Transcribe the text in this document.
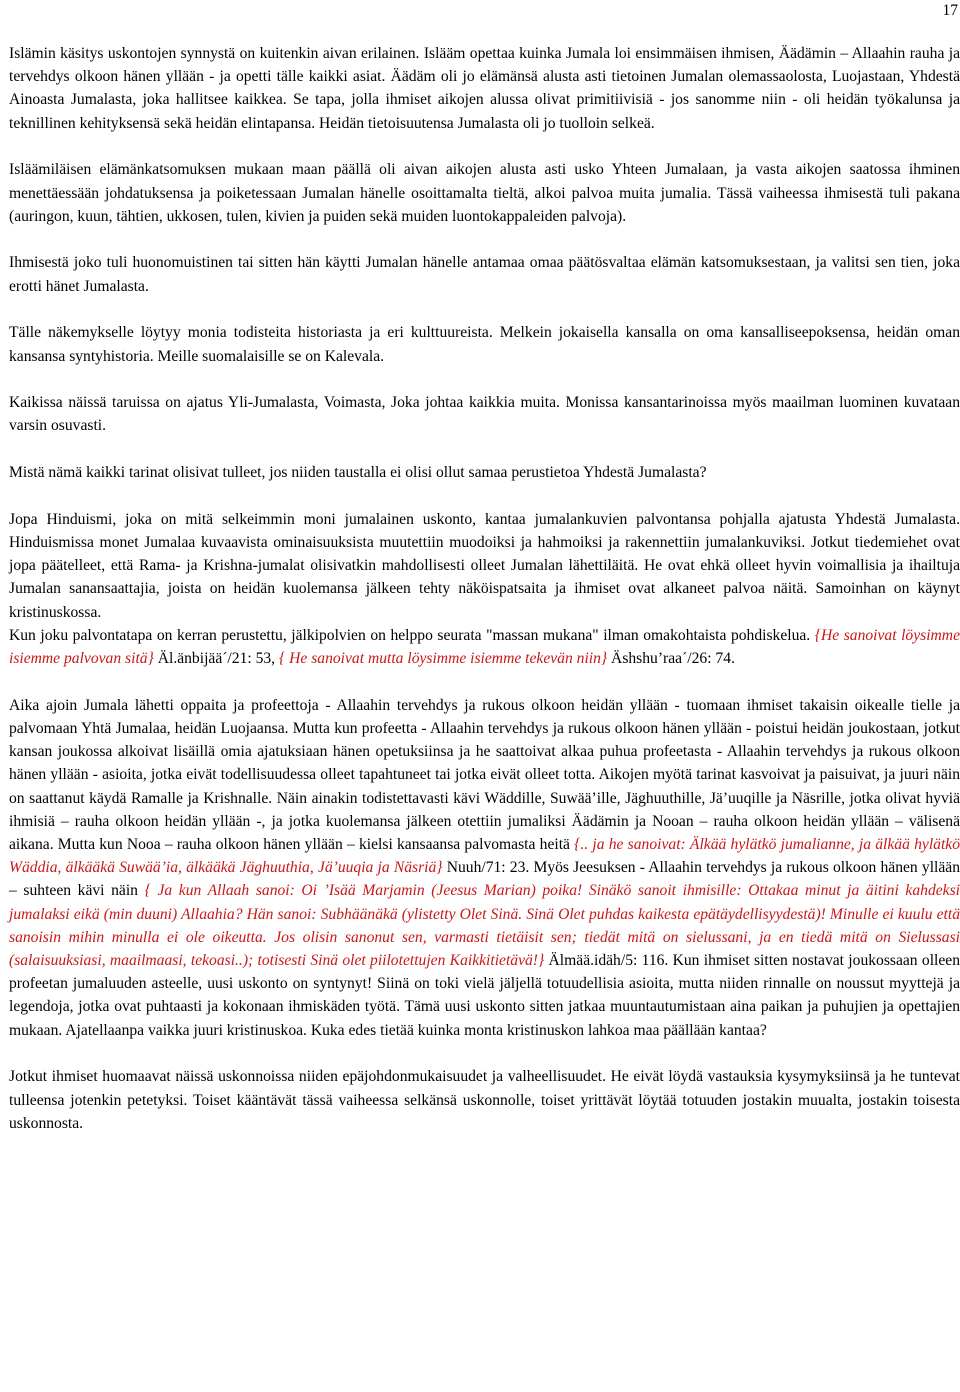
17

Islämin käsitys uskontojen synnystä on kuitenkin aivan erilainen. Islääm opettaa kuinka Jumala loi ensimmäisen ihmisen, Äädämin – Allaahin rauha ja tervehdys olkoon hänen yllään - ja opetti tälle kaikki asiat. Äädäm oli jo elämänsä alusta asti tietoinen Jumalan olemassaolosta, Luojastaan, Yhdestä Ainoasta Jumalasta, joka hallitsee kaikkea. Se tapa, jolla ihmiset aikojen alussa olivat primitiivisiä - jos sanomme niin - oli heidän työkalunsa ja teknillinen kehityksensä sekä heidän elintapansa. Heidän tietoisuutensa Jumalasta oli jo tuolloin selkeä.

Isläämiläisen elämänkatsomuksen mukaan maan päällä oli aivan aikojen alusta asti usko Yhteen Jumalaan, ja vasta aikojen saatossa ihminen menettäessään johdatuksensa ja poiketessaan Jumalan hänelle osoittamalta tieltä, alkoi palvoa muita jumalia. Tässä vaiheessa ihmisestä tuli pakana (auringon, kuun, tähtien, ukkosen, tulen, kivien ja puiden sekä muiden luontokappaleiden palvoja).

Ihmisestä joko tuli huonomuistinen tai sitten hän käytti Jumalan hänelle antamaa omaa päätösvaltaa elämän katsomuksestaan, ja valitsi sen tien, joka erotti hänet Jumalasta.

Tälle näkemykselle löytyy monia todisteita historiasta ja eri kulttuureista. Melkein jokaisella kansalla on oma kansalliseepoksensa, heidän oman kansansa syntyhistoria. Meille suomalaisille se on Kalevala.

Kaikissa näissä taruissa on ajatus Yli-Jumalasta, Voimasta, Joka johtaa kaikkia muita. Monissa kansantarinoissa myös maailman luominen kuvataan varsin osuvasti.

Mistä nämä kaikki tarinat olisivat tulleet, jos niiden taustalla ei olisi ollut samaa perustietoa Yhdestä Jumalasta?

Jopa Hinduismi, joka on mitä selkeimmin moni jumalainen uskonto, kantaa jumalankuvien palvontansa pohjalla ajatusta Yhdestä Jumalasta. Hinduismissa monet Jumalaa kuvaavista ominaisuuksista muutettiin muodoiksi ja hahmoiksi ja rakennettiin jumalankuviksi. Jotkut tiedemiehet ovat jopa päätelleet, että Rama- ja Krishna-jumalat olisivatkin mahdollisesti olleet Jumalan lähettiläitä. He ovat ehkä olleet hyvin voimallisia ja ihailtuja Jumalan sanansaattajia, joista on heidän kuolemansa jälkeen tehty näköispatsaita ja ihmiset ovat alkaneet palvoa näitä. Samoinhan on käynyt kristinuskossa.

Kun joku palvontatapa on kerran perustettu, jälkipolvien on helppo seurata "massan mukana" ilman omakohtaista pohdiskelua. {He sanoivat löysimme isiemme palvovan sitä} Äl.änbijää´/21: 53, { He sanoivat mutta löysimme isiemme tekevän niin} Äshshu’raa´/26: 74.

Aika ajoin Jumala lähetti oppaita ja profeettoja - Allaahin tervehdys ja rukous olkoon heidän yllään - tuomaan ihmiset takaisin oikealle tielle ja palvomaan Yhtä Jumalaa, heidän Luojaansa. Mutta kun profeetta - Allaahin tervehdys ja rukous olkoon hänen yllään - poistui heidän joukostaan, jotkut kansan joukossa alkoivat lisäillä omia ajatuksiaan hänen opetuksiinsa ja he saattoivat alkaa puhua profeetasta - Allaahin tervehdys ja rukous olkoon hänen yllään - asioita, jotka eivät todellisuudessa olleet tapahtuneet tai jotka eivät olleet totta. Aikojen myötä tarinat kasvoivat ja paisuivat, ja juuri näin on saattanut käydä Ramalle ja Krishnalle. Näin ainakin todistettavasti kävi Wäddille, Suwää’ille, Jäghuuthille, Jä’uuqille ja Näsrille, jotka olivat hyviä ihmisiä – rauha olkoon heidän yllään -, ja jotka kuolemansa jälkeen otettiin jumaliksi Äädämin ja Nooan – rauha olkoon heidän yllään – välisenä aikana. Mutta kun Nooa – rauha olkoon hänen yllään – kielsi kansaansa palvomasta heitä {.. ja he sanoivat: Älkää hylätkö jumalianne, ja älkää hylätkö Wäddia, älkääkä Suwää’ia, älkääkä Jäghuuthia, Jä’uuqia ja Näsriä} Nuuh/71: 23. Myös Jeesuksen - Allaahin tervehdys ja rukous olkoon hänen yllään – suhteen kävi näin { Ja kun Allaah sanoi: Oi ’Isää Marjamin (Jeesus Marian) poika! Sinäkö sanoit ihmisille: Ottakaa minut ja äitini kahdeksi jumalaksi eikä (min duuni) Allaahia? Hän sanoi: Subhäänäkä (ylistetty Olet Sinä. Sinä Olet puhdas kaikesta epätäydellisyydestä)! Minulle ei kuulu että sanoisin mihin minulla ei ole oikeutta. Jos olisin sanonut sen, varmasti tietäisit sen; tiedät mitä on sielussani, ja en tiedä mitä on Sielussasi (salaisuuksiasi, maailmaasi, tekoasi..); totisesti Sinä olet piilotettujen Kaikkitietävä!} Älmää.idäh/5: 116. Kun ihmiset sitten nostavat joukossaan olleen profeetan jumaluuden asteelle, uusi uskonto on syntynyt! Siinä on toki vielä jäljellä totuudellisia asioita, mutta niiden rinnalle on noussut myyttejä ja legendoja, jotka ovat puhtaasti ja kokonaan ihmiskäden työtä. Tämä uusi uskonto sitten jatkaa muuntautumistaan aina paikan ja puhujien ja opettajien mukaan. Ajatellaanpa vaikka juuri kristinuskoa. Kuka edes tietää kuinka monta kristinuskon lahkoa maa päällään kantaa?

Jotkut ihmiset huomaavat näissä uskonnoissa niiden epäjohdonmukaisuudet ja valheellisuudet. He eivät löydä vastauksia kysymyksiinsä ja he tuntevat tulleensa jotenkin petetyksi. Toiset kääntävät tässä vaiheessa selkänsä uskonnolle, toiset yrittävät löytää totuuden jostakin muualta, jostakin toisesta uskonnosta.
